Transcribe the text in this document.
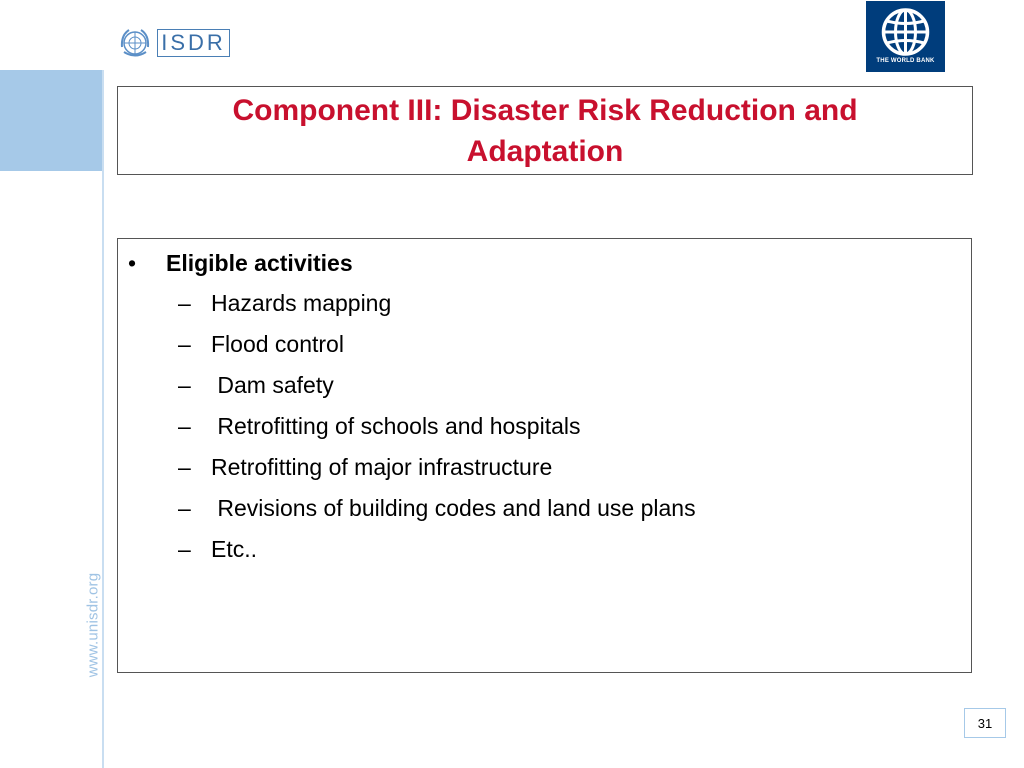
www.unisdr.org
ISDR
THE WORLD BANK
Component III: Disaster Risk Reduction and
Adaptation
•	Eligible activities
– Hazards mapping
– Flood control
– Dam safety
– Retrofitting of schools and hospitals
– Retrofitting of major infrastructure
– Revisions of building codes and land use plans
– Etc..
31
